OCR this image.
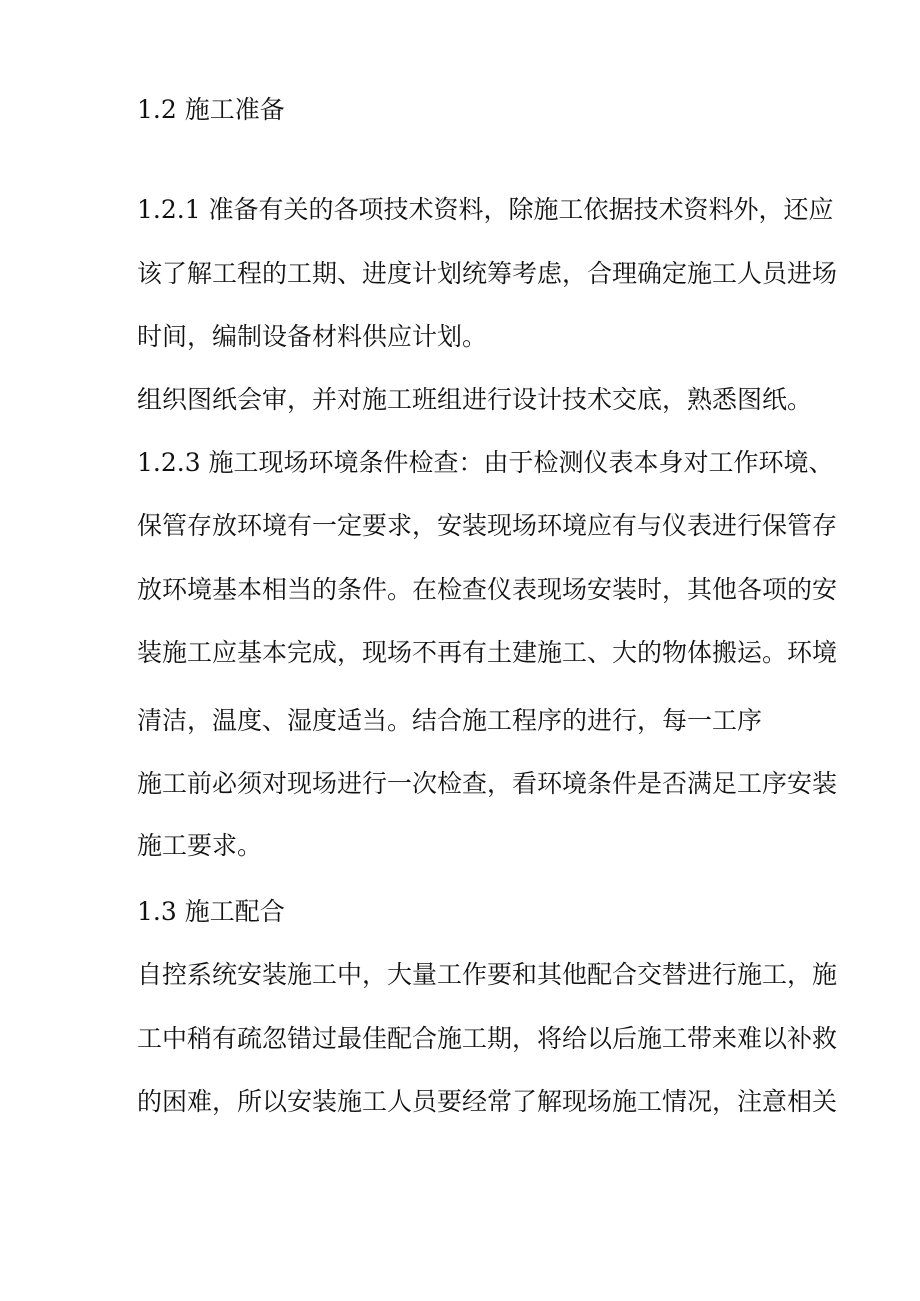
1.2 施工准备

1.2.1 准备有关的各项技术资料，除施工依据技术资料外，还应

该了解工程的工期、进度计划统筹考虑，合理确定施工人员进场

时间，编制设备材料供应计划。

组织图纸会审，并对施工班组进行设计技术交底，熟悉图纸。

1.2.3 施工现场环境条件检查：由于检测仪表本身对工作环境、

保管存放环境有一定要求，安装现场环境应有与仪表进行保管存

放环境基本相当的条件。在检查仪表现场安装时，其他各项的安

装施工应基本完成，现场不再有土建施工、大的物体搬运。环境

清洁，温度、湿度适当。结合施工程序的进行，每一工序

施工前必须对现场进行一次检查，看环境条件是否满足工序安装

施工要求。

1.3 施工配合

自控系统安装施工中，大量工作要和其他配合交替进行施工，施

工中稍有疏忽错过最佳配合施工期，将给以后施工带来难以补救

的困难，所以安装施工人员要经常了解现场施工情况，注意相关
